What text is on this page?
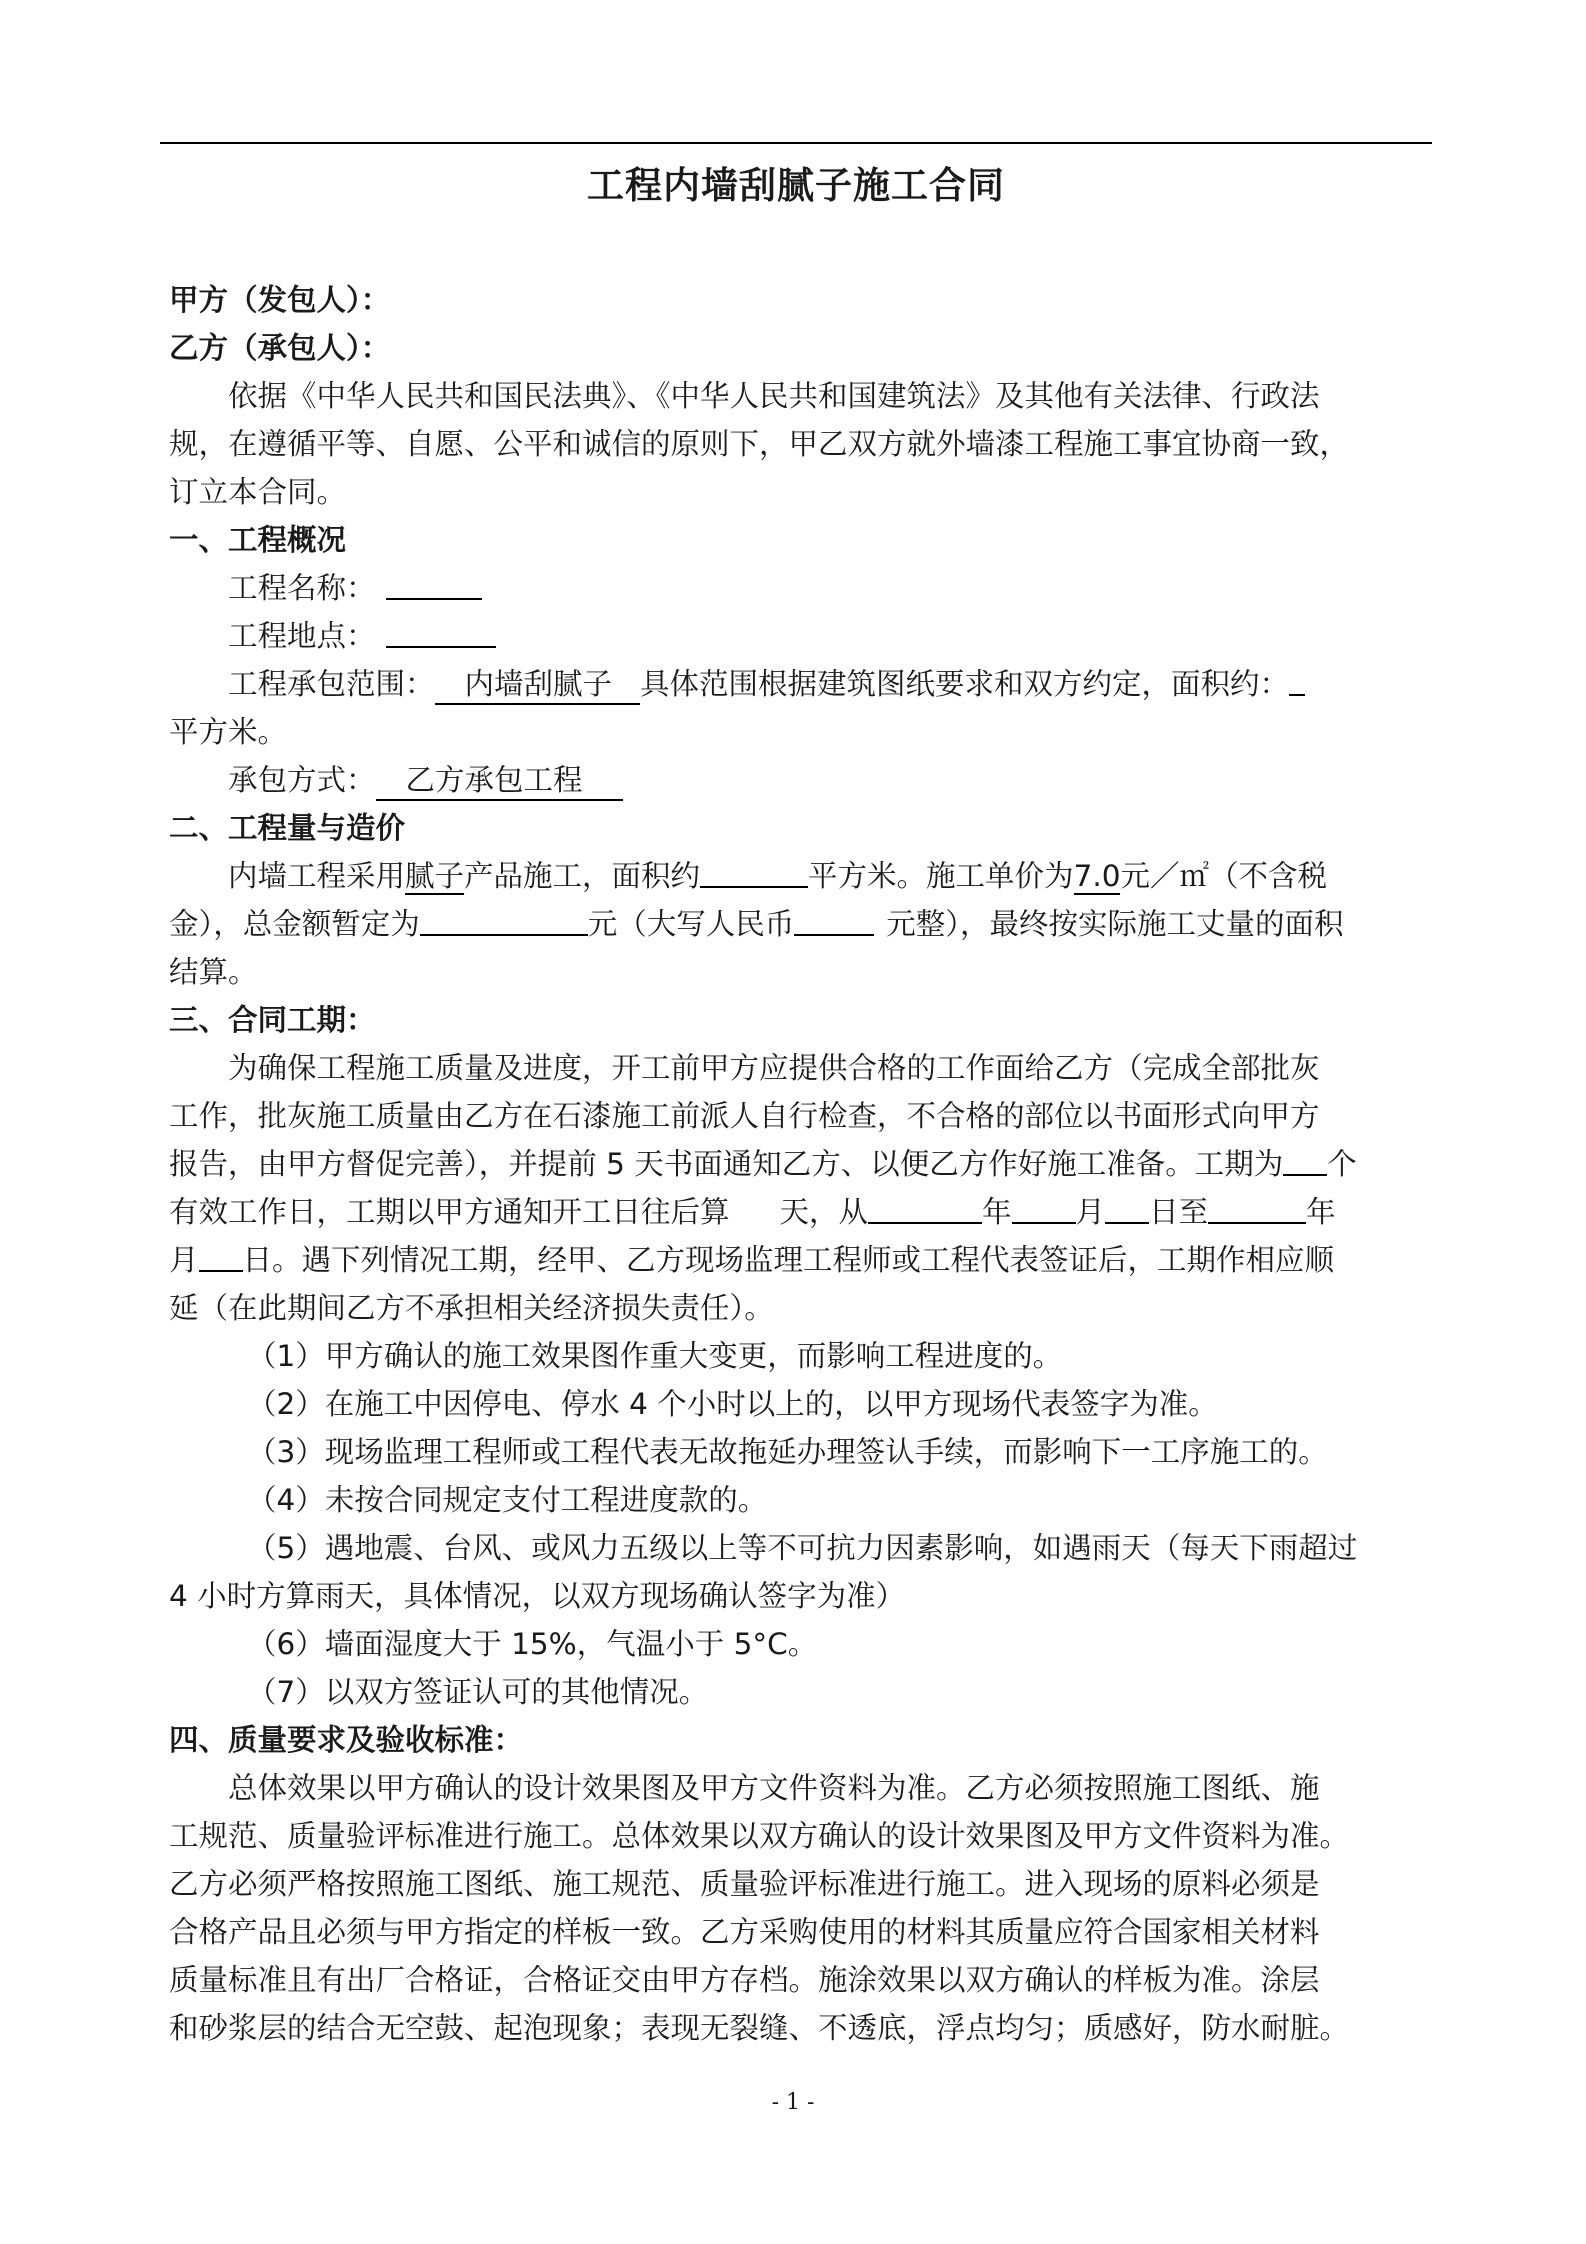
工程内墙刮腻子施工合同
甲方（发包人）：
乙方（承包人）：
依据《中华人民共和国民法典》、《中华人民共和国建筑法》及其他有关法律、行政法
规，在遵循平等、自愿、公平和诚信的原则下，甲乙双方就外墙漆工程施工事宜协商一致，
订立本合同。
一、工程概况
工程名称：
工程地点：
工程承包范围： 内墙刮腻子 具体范围根据建筑图纸要求和双方约定，面积约：
平方米。
承包方式： 乙方承包工程
二、工程量与造价
内墙工程采用腻子产品施工，面积约	平方米。施工单价为7.0元／㎡（不含税
金），总金额暂定为	元（大写人民币	元整），最终按实际施工丈量的面积
结算。
三、合同工期：
为确保工程施工质量及进度，开工前甲方应提供合格的工作面给乙方（完成全部批灰
工作，批灰施工质量由乙方在石漆施工前派人自行检查，不合格的部位以书面形式向甲方
报告，由甲方督促完善），并提前 5 天书面通知乙方、以便乙方作好施工准备。工期为 个
有效工作日，工期以甲方通知开工日往后算 天，从	年 月 日至	年
月 日。遇下列情况工期，经甲、乙方现场监理工程师或工程代表签证后，工期作相应顺
延（在此期间乙方不承担相关经济损失责任）。
（1）甲方确认的施工效果图作重大变更，而影响工程进度的。
（2）在施工中因停电、停水 4 个小时以上的，以甲方现场代表签字为准。
（3）现场监理工程师或工程代表无故拖延办理签认手续，而影响下一工序施工的。
（4）未按合同规定支付工程进度款的。
（5）遇地震、台风、或风力五级以上等不可抗力因素影响，如遇雨天（每天下雨超过
4 小时方算雨天，具体情况，以双方现场确认签字为准）
（6）墙面湿度大于 15%，气温小于 5°C。
（7）以双方签证认可的其他情况。
四、质量要求及验收标准：
总体效果以甲方确认的设计效果图及甲方文件资料为准。乙方必须按照施工图纸、施
工规范、质量验评标准进行施工。总体效果以双方确认的设计效果图及甲方文件资料为准。
乙方必须严格按照施工图纸、施工规范、质量验评标准进行施工。进入现场的原料必须是
合格产品且必须与甲方指定的样板一致。乙方采购使用的材料其质量应符合国家相关材料
质量标准且有出厂合格证，合格证交由甲方存档。施涂效果以双方确认的样板为准。涂层
和砂浆层的结合无空鼓、起泡现象；表现无裂缝、不透底，浮点均匀；质感好，防水耐脏。
- 1 -
